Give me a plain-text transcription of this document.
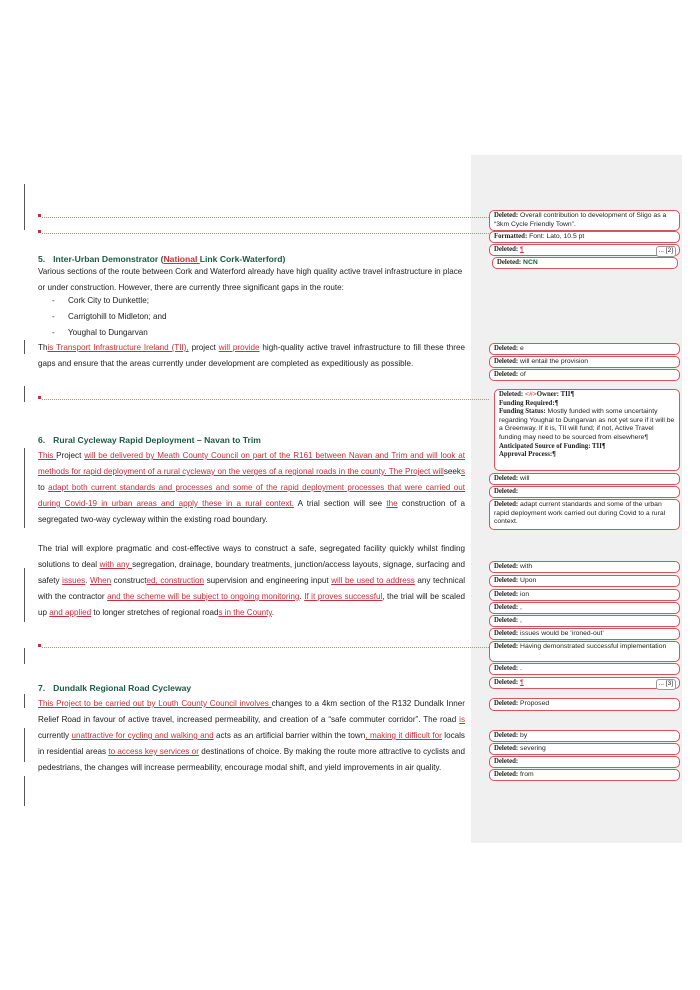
5. Inter-Urban Demonstrator (National Link Cork-Waterford)
Various sections of the route between Cork and Waterford already have high quality active travel infrastructure in place or under construction. However, there are currently three significant gaps in the route:
- Cork City to Dunkettle;
- Carrigtohill to Midleton; and
- Youghal to Dungarvan
This Transport Infrastructure Ireland (TII), project will provide high-quality active travel infrastructure to fill these three gaps and ensure that the areas currently under development are completed as expeditiously as possible.
6. Rural Cycleway Rapid Deployment – Navan to Trim
This Project will be delivered by Meath County Council on part of the R161 between Navan and Trim and will look at methods for rapid deployment of a rural cycleway on the verges of a regional roads in the county. The Project willseeks to adapt both current standards and processes and some of the rapid deployment processes that were carried out during Covid-19 in urban areas and apply these in a rural context. A trial section will see the construction of a segregated two-way cycleway within the existing road boundary.
The trial will explore pragmatic and cost-effective ways to construct a safe, segregated facility quickly whilst finding solutions to deal with any segregation, drainage, boundary treatments, junction/access layouts, signage, surfacing and safety issues. When constructed, construction supervision and engineering input will be used to address any technical with the contractor and the scheme will be subject to ongoing monitoring. If it proves successful, the trial will be scaled up and applied to longer stretches of regional roads in the County.
7. Dundalk Regional Road Cycleway
This Project to be carried out by Louth County Council involves changes to a 4km section of the R132 Dundalk Inner Relief Road in favour of active travel, increased permeability, and creation of a “safe commuter corridor”. The road is currently unattractive for cycling and walking and acts as an artificial barrier within the town, making it difficult for locals in residential areas to access key services or destinations of choice. By making the route more attractive to cyclists and pedestrians, the changes will increase permeability, encourage modal shift, and yield improvements in air quality.
Deleted: Overall contribution to development of Sligo as a “3km Cycle Friendly Town”.
Formatted: Font: Lato, 10.5 pt
Deleted: ¶	... [2]
Deleted: NCN
Deleted: e
Deleted: will entail the provision
Deleted: of
Deleted: <#>Owner: TII¶
Funding Required:¶
Funding Status: Mostly funded with some uncertainty regarding Youghal to Dungarvan as not yet sure if it will be a Greenway. If it is, TII will fund; if not, Active Travel funding may need to be sourced from elsewhere¶
Anticipated Source of Funding: TII¶
Approval Process:¶
Deleted: will
Deleted:
Deleted: adapt current standards and some of the urban rapid deployment work carried out during Covid to a rural context.
Deleted: with
Deleted: Upon
Deleted: ion
Deleted: ,
Deleted: ,
Deleted: issues would be ‘ironed-out’
Deleted: Having demonstrated successful implementation
Deleted: .
Deleted: ¶	... [3]
Deleted: Proposed
Deleted: by
Deleted: severing
Deleted:
Deleted: from
